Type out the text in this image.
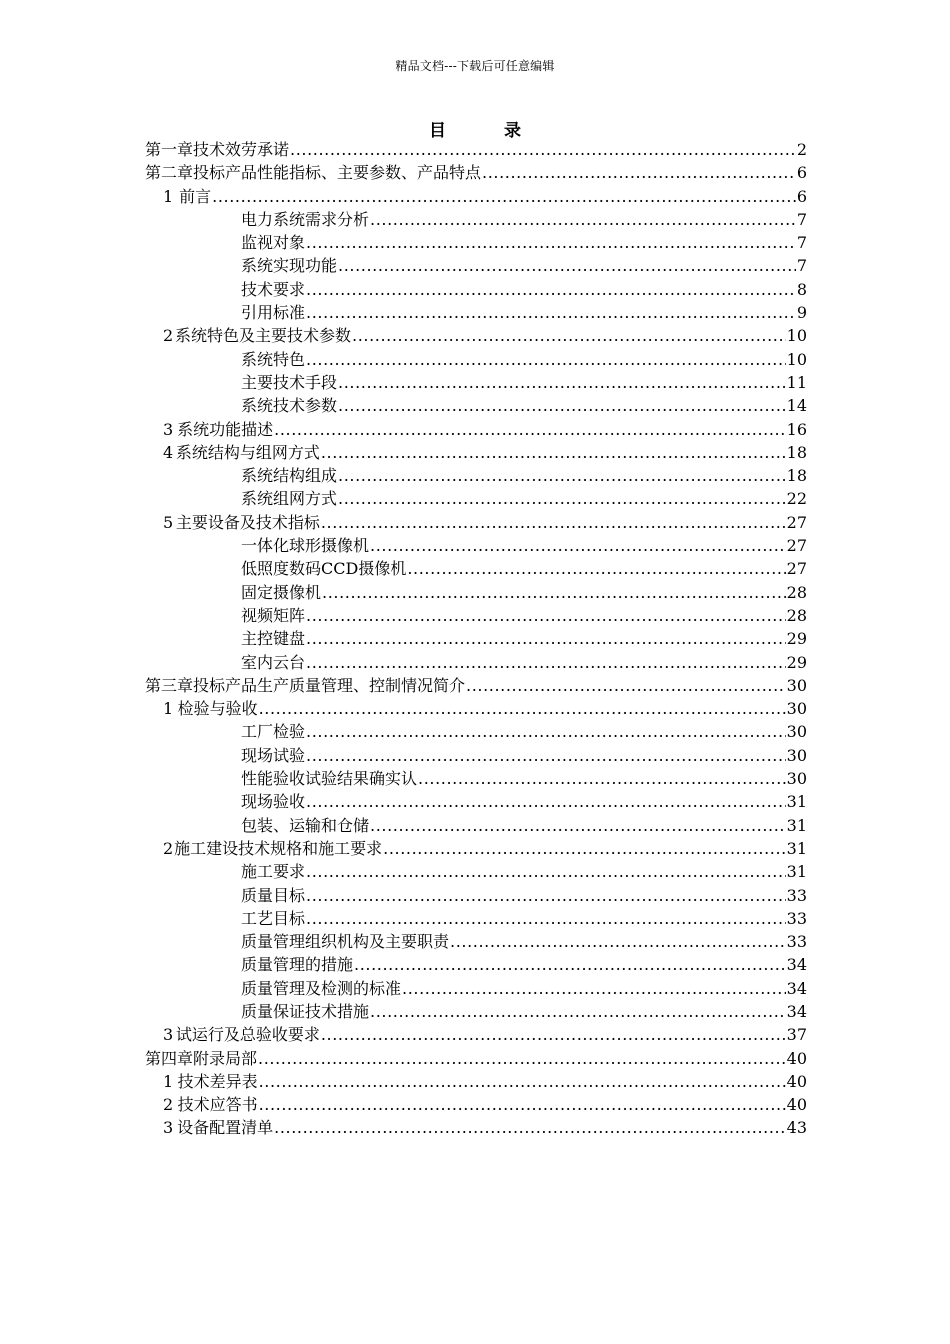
精品文档---下载后可任意编辑
目	录
第一章 技术效劳承诺 .....	2
第二章 投标产品性能指标、主要参数、产品特点 .....	6
1 前言 .....	6
电力系统需求分析 .....	7
监视对象 .....	7
系统实现功能 .....	7
技术要求 .....	8
引用标准 .....	9
2 系统特色及主要技术参数 .....	10
系统特色 .....	10
主要技术手段 .....	11
系统技术参数 .....	14
3 系统功能描述 .....	16
4 系统结构与组网方式 .....	18
系统结构组成 .....	18
系统组网方式 .....	22
5 主要设备及技术指标 .....	27
一体化球形摄像机 .....	27
低照度数码CCD摄像机 .....	27
固定摄像机 .....	28
视频矩阵 .....	28
主控键盘 .....	29
室内云台 .....	29
第三章 投标产品生产质量管理、控制情况简介 .....	30
1 检验与验收 .....	30
工厂检验 .....	30
现场试验 .....	30
性能验收试验结果确实认 .....	30
现场验收 .....	31
包装、运输和仓储 .....	31
2 施工建设技术规格和施工要求 .....	31
施工要求 .....	31
质量目标 .....	33
工艺目标 .....	33
质量管理组织机构及主要职责 .....	33
质量管理的措施 .....	34
质量管理及检测的标准 .....	34
质量保证技术措施 .....	34
3 试运行及总验收要求 .....	37
第四章 附录局部 .....	40
1 技术差异表 .....	40
2 技术应答书 .....	40
3 设备配置清单 .....	43
